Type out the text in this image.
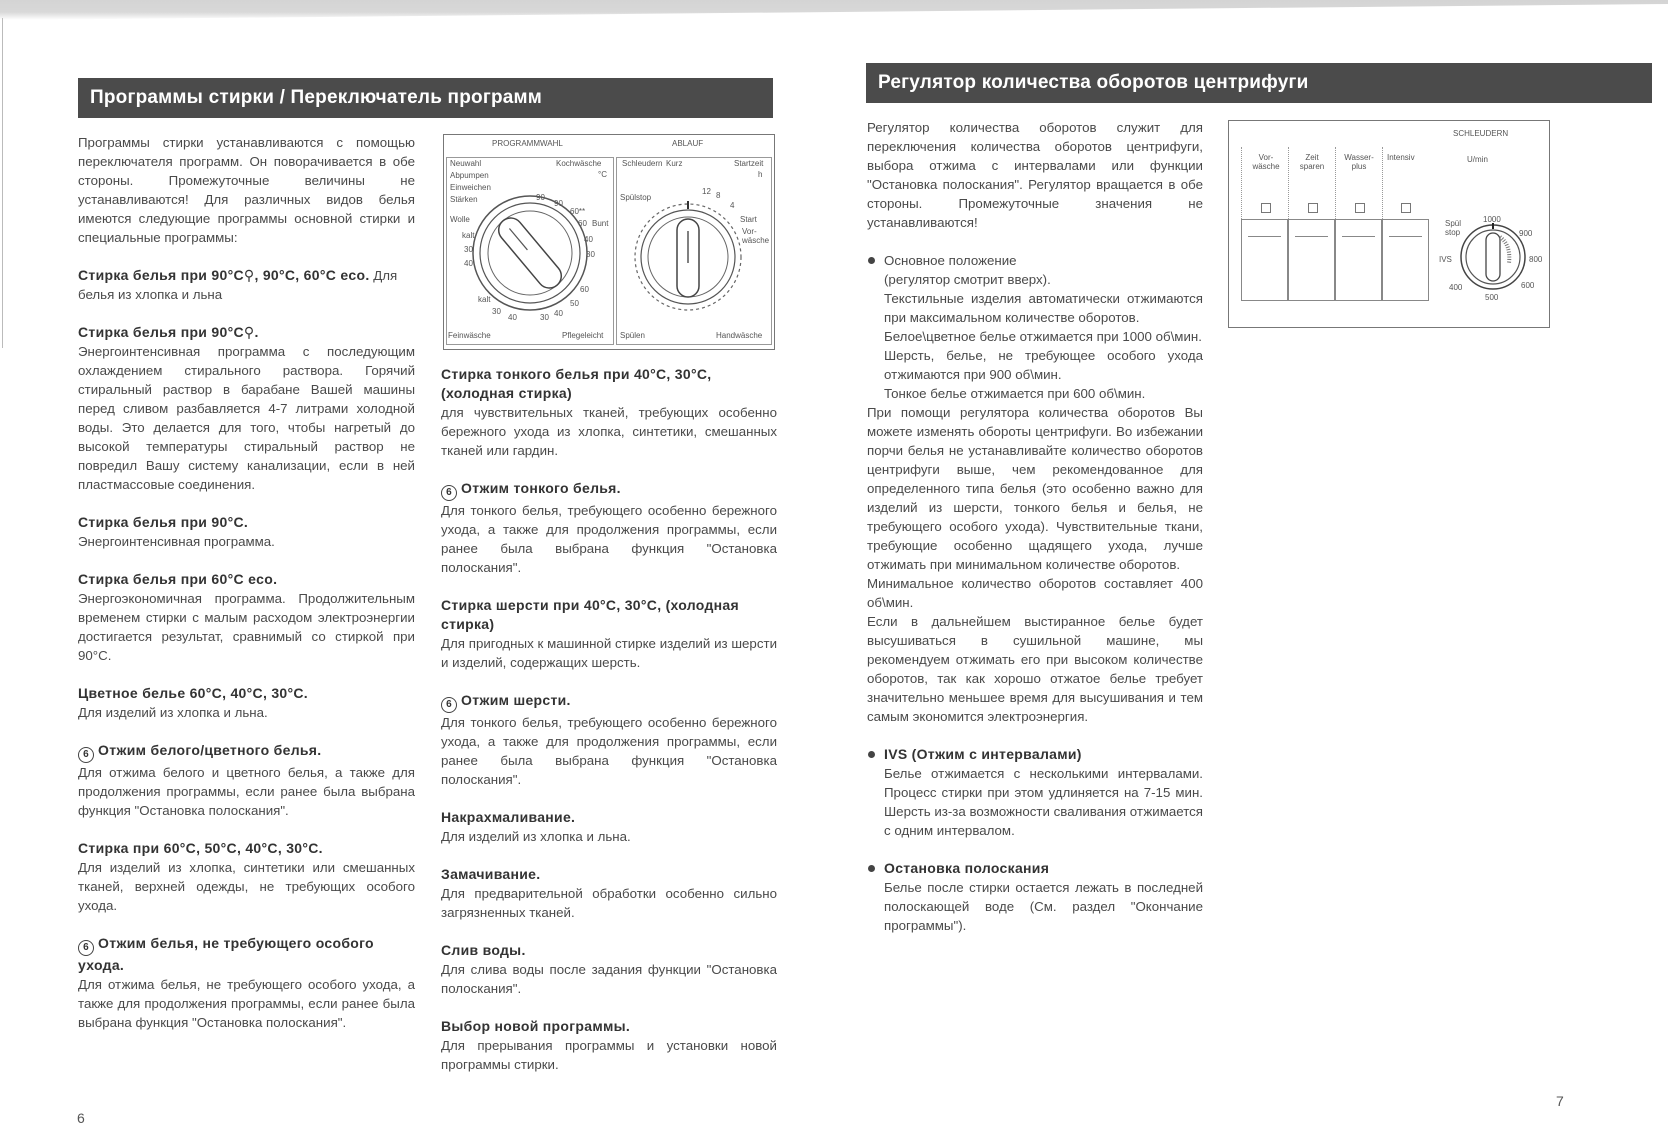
Программы стирки / Переключатель программ

Программы стирки устанавливаются с помощью переключателя программ. Он поворачивается в обе стороны. Промежуточные величины не устанавливаются! Для различных видов белья имеются следующие программы основной стирки и специальные программы:

Стирка белья при 90°C⚲, 90°C, 60°C eco. Для белья из хлопка и льна
Стирка белья при 90°C⚲.

Энергоинтенсивная программа с последующим охлаждением стирального раствора. Горячий стиральный раствор в барабане Вашей машины перед сливом разбавляется 4-7 литрами холодной воды. Это делается для того, чтобы нагретый до высокой температуры стиральный раствор не повредил Вашу систему канализации, если в ней пластмассовые соединения.

Стирка белья при 90°C.

Энергоинтенсивная программа.

Стирка белья при 60°C eco.

Энергоэкономичная программа. Продолжительным временем стирки с малым расходом электроэнергии достигается результат, сравнимый со стиркой при 90°C.

Цветное белье 60°C, 40°C, 30°C.

Для изделий из хлопка и льна.

6 Отжим белого/цветного белья.

Для отжима белого и цветного белья, а также для продолжения программы, если ранее была выбрана функция "Остановка полоскания".

Стирка при 60°C, 50°C, 40°C, 30°C.

Для изделий из хлопка, синтетики или смешанных тканей, верхней одежды, не требующих особого ухода.

6 Отжим белья, не требующего особого ухода.

Для отжима белья, не требующего особого ухода, а также для продолжения программы, если ранее была выбрана функция "Остановка полоскания".

PROGRAMMWAHL	ABLAUF
Neuwahl
Abpumpen
Einweichen
Stärken
Kochwäsche
°C
Wolle
kalt
30
40
90
90
60**
60 Bunt
40
30
60
50
40
30
kalt
30
40
Feinwäsche	Pflegeleicht
Schleudern Kurz	Startzeit
h
Spülstop
12 8
4
Start
Vor-wäsche
Spülen	Handwäsche
Стирка тонкого белья при 40°C, 30°C, (холодная стирка)

для чувствительных тканей, требующих особенно бережного ухода из хлопка, синтетики, смешанных тканей или гардин.

6 Отжим тонкого белья.

Для тонкого белья, требующего особенно бережного ухода, а также для продолжения программы, если ранее была выбрана функция "Остановка полоскания".

Стирка шерсти при 40°C, 30°C, (холодная стирка)

Для пригодных к машинной стирке изделий из шерсти и изделий, содержащих шерсть.

6 Отжим шерсти.

Для тонкого белья, требующего особенно бережного ухода, а также для продолжения программы, если ранее была выбрана функция "Остановка полоскания".

Накрахмаливание.

Для изделий из хлопка и льна.

Замачивание.

Для предварительной обработки особенно сильно загрязненных тканей.

Слив воды.

Для слива воды после задания функции "Остановка полоскания".

Выбор новой программы.

Для прерывания программы и установки новой программы стирки.

6
Регулятор количества оборотов центрифуги

Регулятор количества оборотов служит для переключения количества оборотов центрифуги, выбора отжима с интервалами или функции "Остановка полоскания". Регулятор вращается в обе стороны. Промежуточные значения не устанавливаются!

Основное положение

(регулятор смотрит вверх).

Текстильные изделия автоматически отжимаются при максимальном количестве оборотов.

Белое\цветное белье отжимается при 1000 об\мин.

Шерсть, белье, не требующее особого ухода отжимаются при 900 об\мин.

Тонкое белье отжимается при 600 об\мин.

При помощи регулятора количества оборотов Вы можете изменять обороты центрифуги. Во избежании порчи белья не устанавливайте количество оборотов центрифуги выше, чем рекомендованное для определенного типа белья (это особенно важно для изделий из шерсти, тонкого белья и белья, не требующего особого ухода). Чувствительные ткани, требующие особенно щадящего ухода, лучше отжимать при минимальном количестве оборотов.

Минимальное количество оборотов составляет 400 об\мин.

Если в дальнейшем выстиранное белье будет высушиваться в сушильной машине, мы рекомендуем отжимать его при высоком количестве оборотов, так как хорошо отжатое белье требует значительно меньшее время для высушивания и тем самым экономится электроэнергия.

IVS (Отжим с интервалами)

Белье отжимается с несколькими интервалами. Процесс стирки при этом удлиняется на 7-15 мин. Шерсть из-за возможности сваливания отжимается с одним интервалом.

Остановка полоскания

Белье после стирки остается лежать в последней полоскающей воде (См. раздел "Окончание программы").

SCHLEUDERN
U/min
Vor-wäsche
Zeit sparen
Wasser-plus
Intensiv
Spül stop
IVS
1000
900
800
600
500
400
7
